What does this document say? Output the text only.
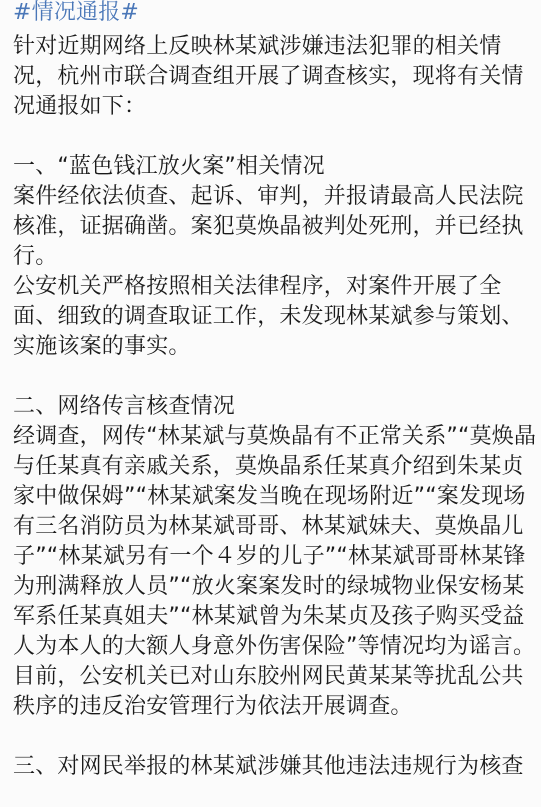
#情况通报#
针对近期网络上反映林某斌涉嫌违法犯罪的相关情
况，杭州市联合调查组开展了调查核实，现将有关情
况通报如下：
一、“蓝色钱江放火案”相关情况
案件经依法侦查、起诉、审判，并报请最高人民法院
核准，证据确凿。案犯莫焕晶被判处死刑，并已经执
行。
公安机关严格按照相关法律程序，对案件开展了全
面、细致的调查取证工作，未发现林某斌参与策划、
实施该案的事实。
二、网络传言核查情况
经调查，网传“林某斌与莫焕晶有不正常关系”“莫焕晶
与任某真有亲戚关系，莫焕晶系任某真介绍到朱某贞
家中做保姆”“林某斌案发当晚在现场附近”“案发现场
有三名消防员为林某斌哥哥、林某斌妹夫、莫焕晶儿
子”“林某斌另有一个４岁的儿子”“林某斌哥哥林某锋
为刑满释放人员”“放火案案发时的绿城物业保安杨某
军系任某真姐夫”“林某斌曾为朱某贞及孩子购买受益
人为本人的大额人身意外伤害保险”等情况均为谣言。
目前，公安机关已对山东胶州网民黄某某等扰乱公共
秩序的违反治安管理行为依法开展调查。
三、对网民举报的林某斌涉嫌其他违法违规行为核查
